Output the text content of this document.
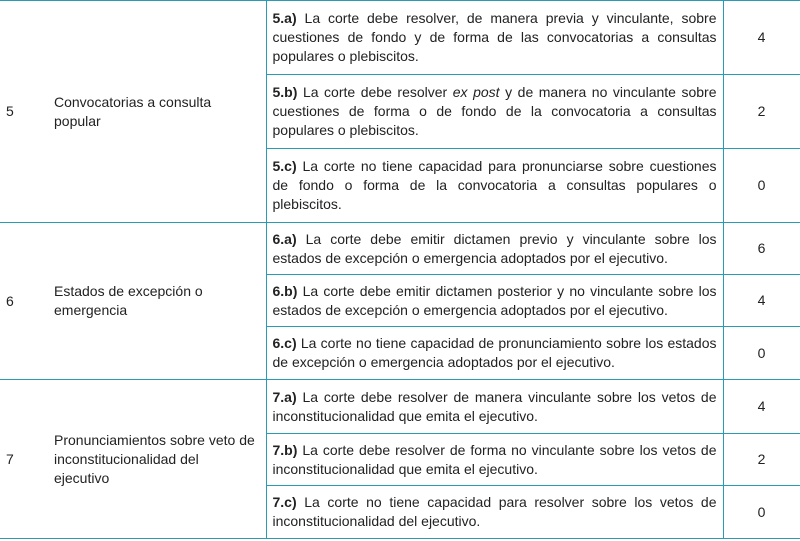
5	Convocatorias a consulta popular	5.a) La corte debe resolver, de manera previa y vinculante, sobre cuestiones de fondo y de forma de las convocatorias a consultas populares o plebiscitos.	4
		5.b) La corte debe resolver ex post y de manera no vinculante sobre cuestiones de forma o de fondo de la convocatoria a consultas populares o plebiscitos.	2
		5.c) La corte no tiene capacidad para pronunciarse sobre cuestiones de fondo o forma de la convocatoria a consultas populares o plebiscitos.	0
6	Estados de excepción o emergencia	6.a) La corte debe emitir dictamen previo y vinculante sobre los estados de excepción o emergencia adoptados por el ejecutivo.	6
		6.b) La corte debe emitir dictamen posterior y no vinculante sobre los estados de excepción o emergencia adoptados por el ejecutivo.	4
		6.c) La corte no tiene capacidad de pronunciamiento sobre los estados de excepción o emergencia adoptados por el ejecutivo.	0
7	Pronunciamientos sobre veto de inconstitucionalidad del ejecutivo	7.a) La corte debe resolver de manera vinculante sobre los vetos de inconstitucionalidad que emita el ejecutivo.	4
		7.b) La corte debe resolver de forma no vinculante sobre los vetos de inconstitucionalidad que emita el ejecutivo.	2
		7.c) La corte no tiene capacidad para resolver sobre los vetos de inconstitucionalidad del ejecutivo.	0
